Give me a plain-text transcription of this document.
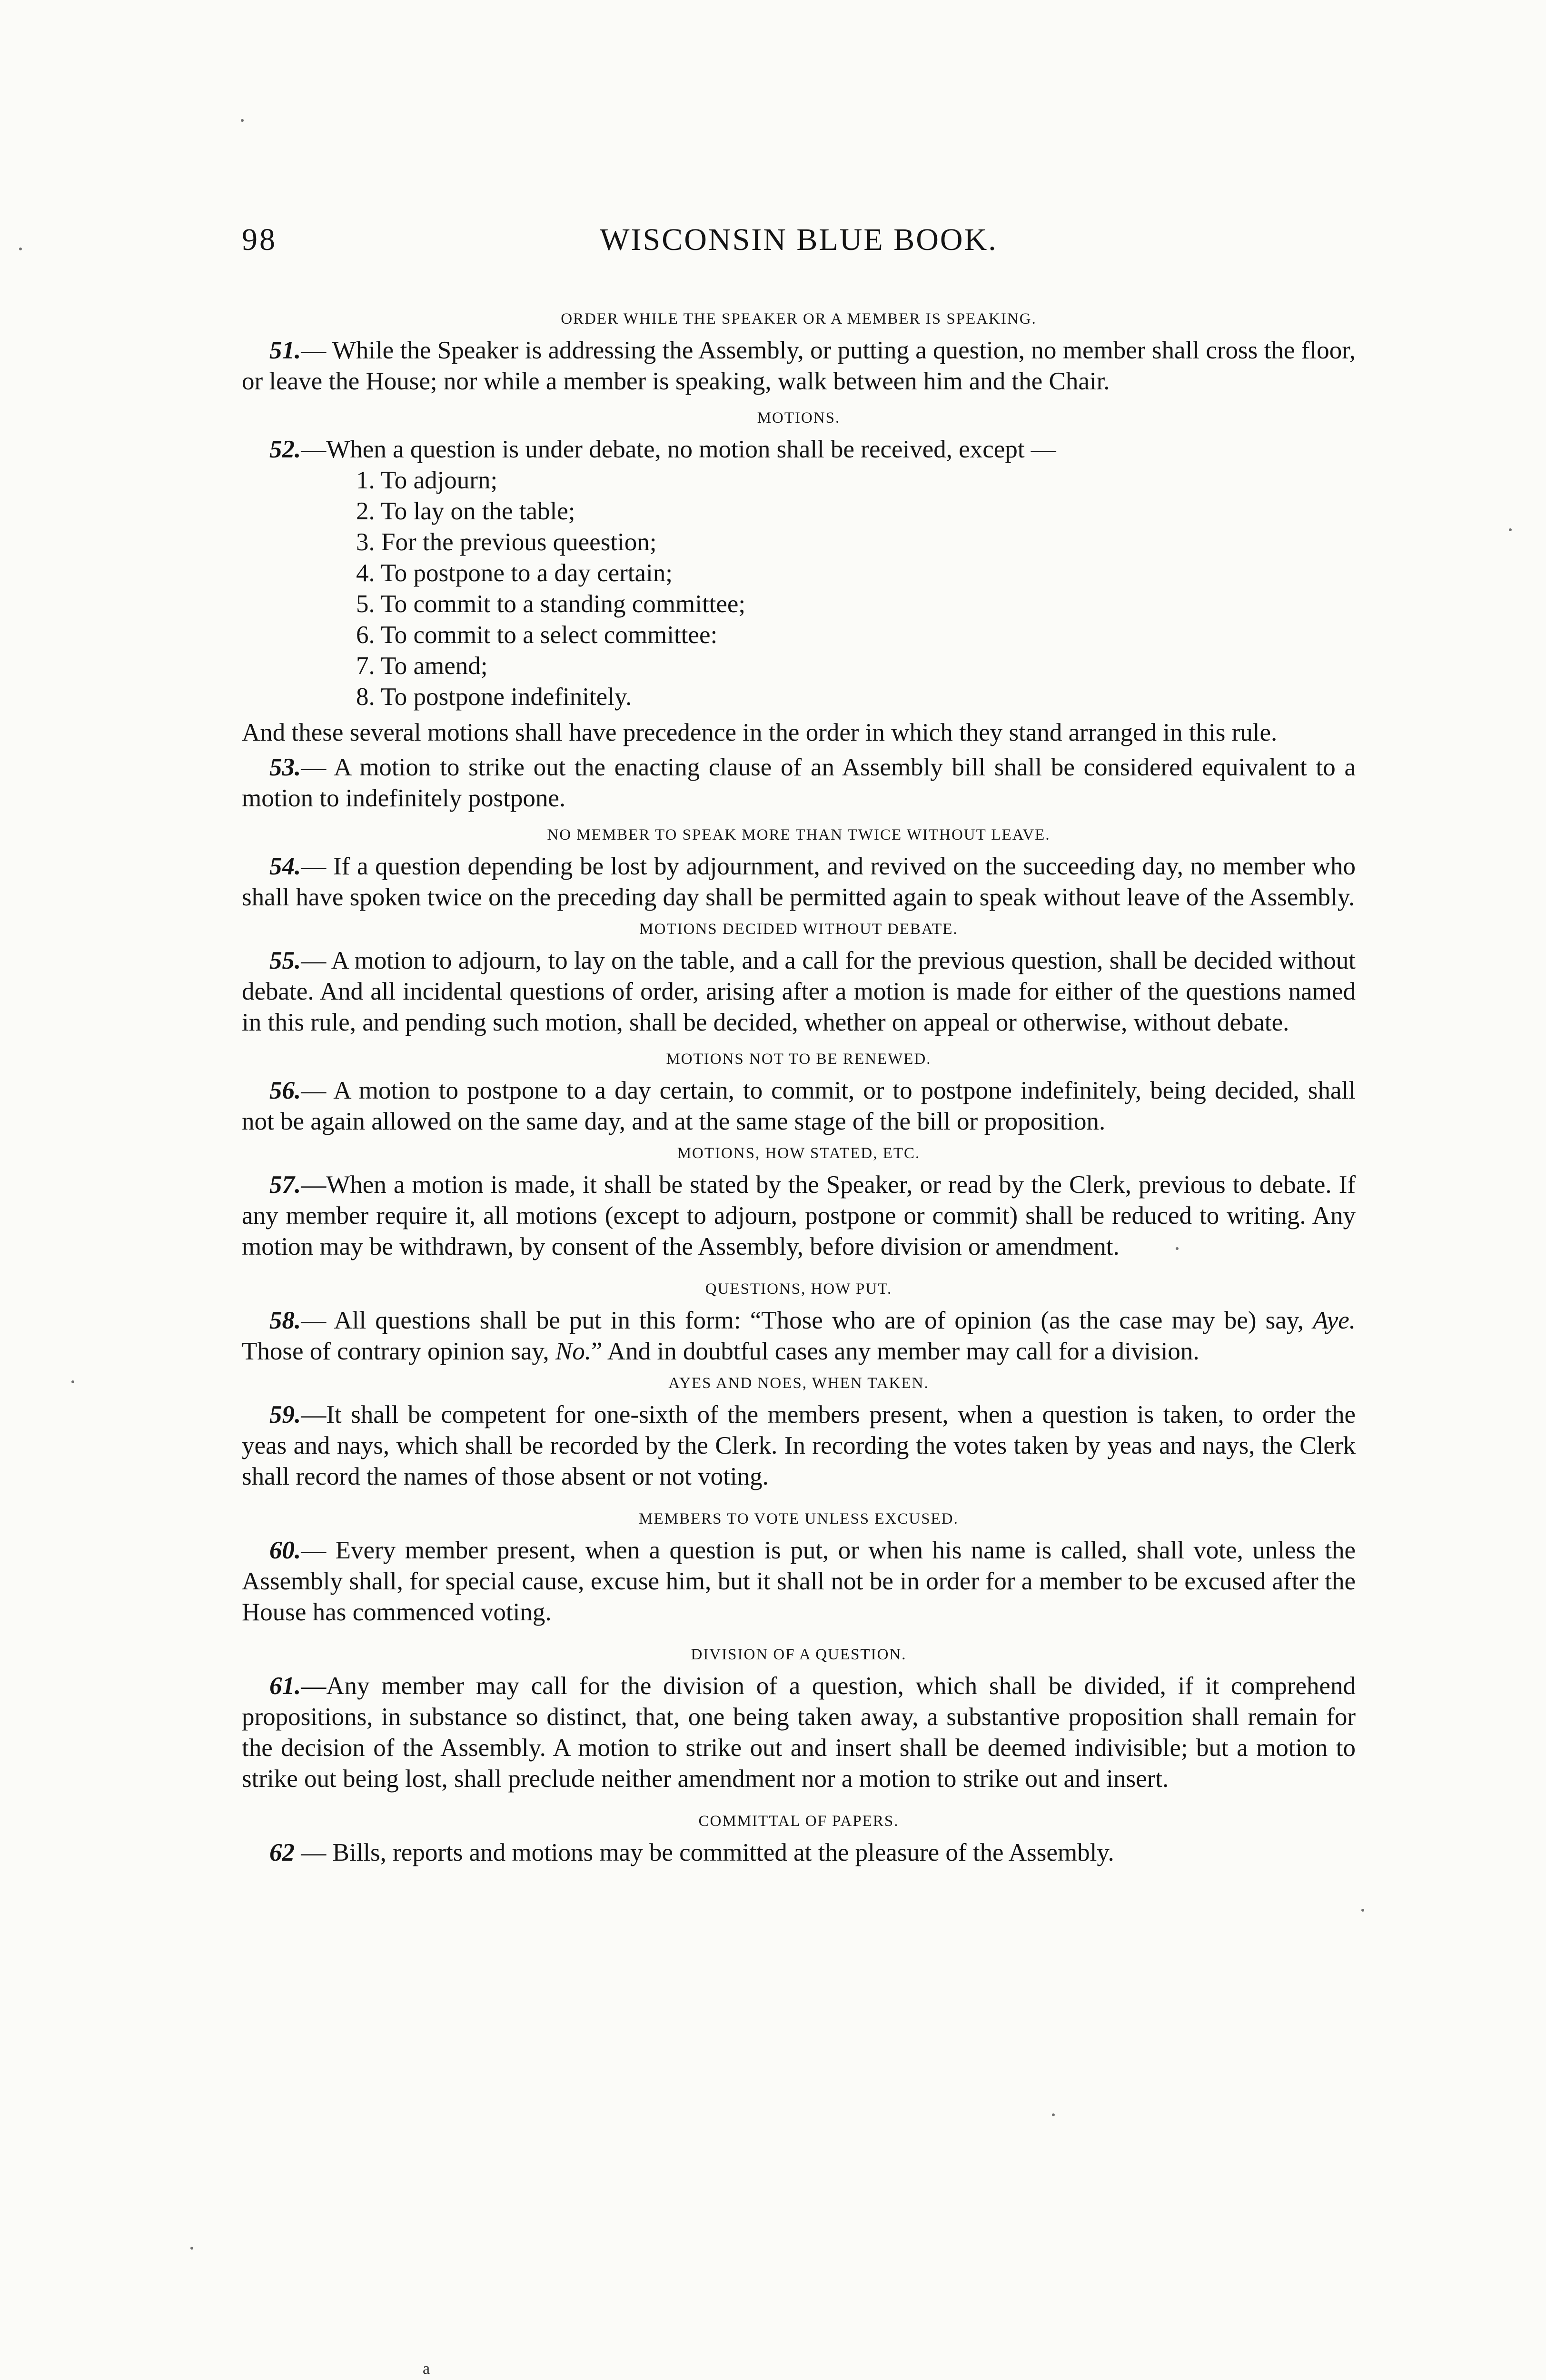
98	WISCONSIN BLUE BOOK.

ORDER WHILE THE SPEAKER OR A MEMBER IS SPEAKING.

51.— While the Speaker is addressing the Assembly, or putting a question, no member shall cross the floor, or leave the House; nor while a member is speaking, walk between him and the Chair.

MOTIONS.

52.—When a question is under debate, no motion shall be received, except —

1. To adjourn;
2. To lay on the table;
3. For the previous queestion;
4. To postpone to a day certain;
5. To commit to a standing committee;
6. To commit to a select committee:
7. To amend;
8. To postpone indefinitely.

And these several motions shall have precedence in the order in which they stand arranged in this rule.

53.— A motion to strike out the enacting clause of an Assembly bill shall be considered equivalent to a motion to indefinitely postpone.

NO MEMBER TO SPEAK MORE THAN TWICE WITHOUT LEAVE.

54.— If a question depending be lost by adjournment, and revived on the succeeding day, no member who shall have spoken twice on the preceding day shall be permitted again to speak without leave of the Assembly.

MOTIONS DECIDED WITHOUT DEBATE.

55.— A motion to adjourn, to lay on the table, and a call for the previous question, shall be decided without debate. And all incidental questions of order, arising after a motion is made for either of the questions named in this rule, and pending such motion, shall be decided, whether on appeal or otherwise, without debate.

MOTIONS NOT TO BE RENEWED.

56.— A motion to postpone to a day certain, to commit, or to postpone indefinitely, being decided, shall not be again allowed on the same day, and at the same stage of the bill or proposition.

MOTIONS, HOW STATED, ETC.

57.—When a motion is made, it shall be stated by the Speaker, or read by the Clerk, previous to debate. If any member require it, all motions (except to adjourn, postpone or commit) shall be reduced to writing. Any motion may be withdrawn, by consent of the Assembly, before division or amendment.

QUESTIONS, HOW PUT.

58.— All questions shall be put in this form: “Those who are of opinion (as the case may be) say, Aye. Those of contrary opinion say, No.” And in doubtful cases any member may call for a division.

AYES AND NOES, WHEN TAKEN.

59.—It shall be competent for one-sixth of the members present, when a question is taken, to order the yeas and nays, which shall be recorded by the Clerk. In recording the votes taken by yeas and nays, the Clerk shall record the names of those absent or not voting.

MEMBERS TO VOTE UNLESS EXCUSED.

60.— Every member present, when a question is put, or when his name is called, shall vote, unless the Assembly shall, for special cause, excuse him, but it shall not be in order for a member to be excused after the House has commenced voting.

DIVISION OF A QUESTION.

61.—Any member may call for the division of a question, which shall be divided, if it comprehend propositions, in substance so distinct, that, one being taken away, a substantive proposition shall remain for the decision of the Assembly. A motion to strike out and insert shall be deemed indivisible; but a motion to strike out being lost, shall preclude neither amendment nor a motion to strike out and insert.

COMMITTAL OF PAPERS.

62 — Bills, reports and motions may be committed at the pleasure of the Assembly.

a
